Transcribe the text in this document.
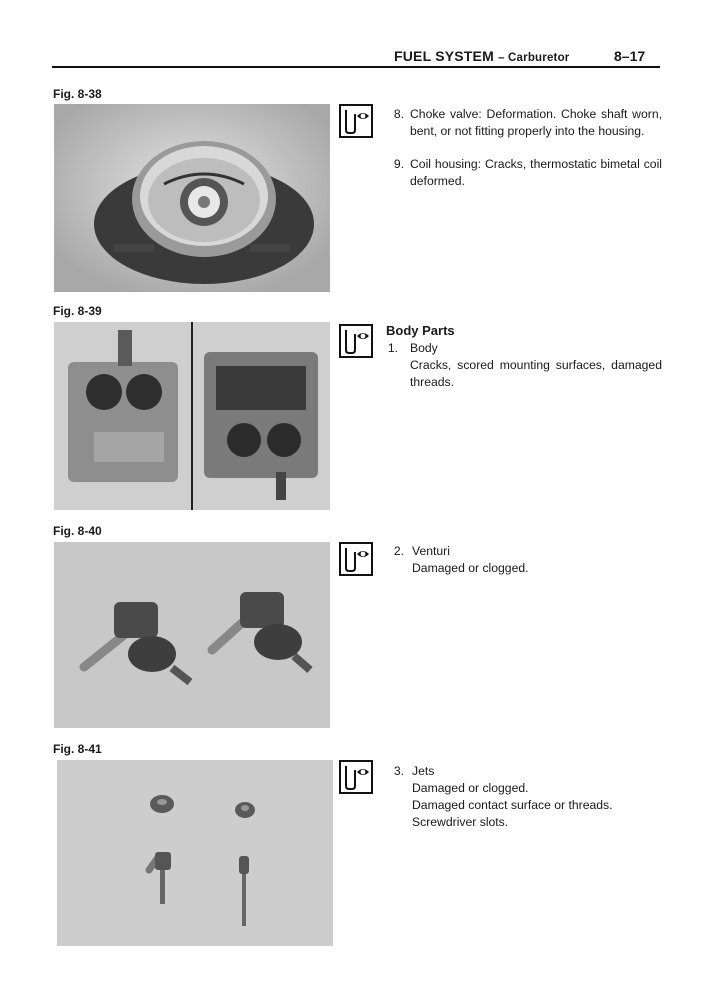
FUEL SYSTEM – Carburetor	8–17
Fig. 8-38
8. Choke valve: Deformation. Choke shaft worn, bent, or not fitting properly into the housing.
9. Coil housing: Cracks, thermostatic bimetal coil deformed.
Fig. 8-39
Body Parts
1. Body
Cracks, scored mounting surfaces, damaged threads.
Fig. 8-40
2. Venturi
Damaged or clogged.
Fig. 8-41
3. Jets
Damaged or clogged.
Damaged contact surface or threads.
Screwdriver slots.
